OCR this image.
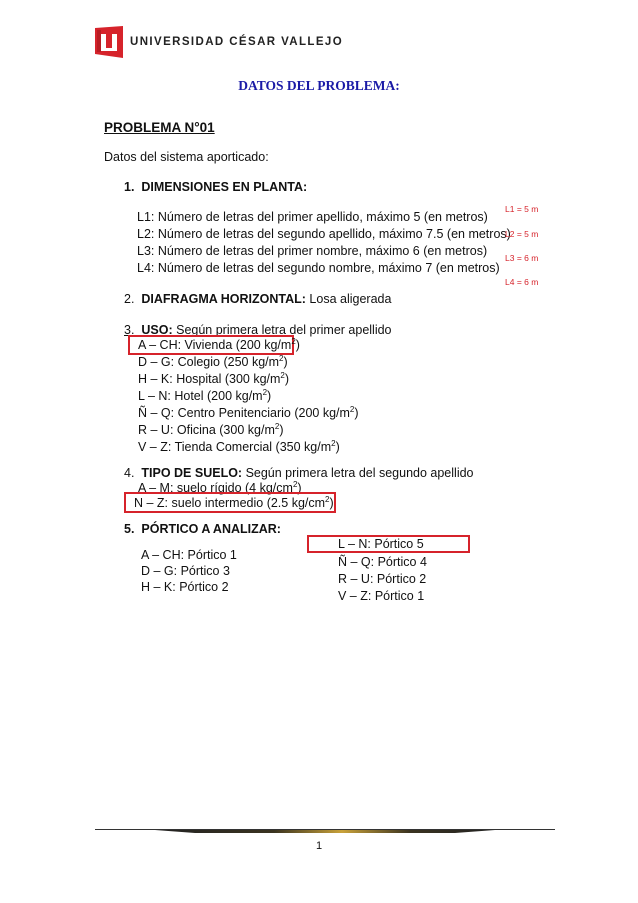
UNIVERSIDAD CÉSAR VALLEJO
DATOS DEL PROBLEMA:
PROBLEMA N°01
Datos del sistema aporticado:
1. DIMENSIONES EN PLANTA:
L1: Número de letras del primer apellido, máximo 5 (en metros)
L2: Número de letras del segundo apellido, máximo 7.5 (en metros)
L3: Número de letras del primer nombre, máximo 6 (en metros)
L4: Número de letras del segundo nombre, máximo 7 (en metros)
L1 = 5 m
L2 = 5 m
L3 = 6 m
L4 = 6 m
2. DIAFRAGMA HORIZONTAL: Losa aligerada
3. USO: Según primera letra del primer apellido
A – CH: Vivienda (200 $kg/m^2$)
D – G: Colegio (250 $kg/m^2$)
H – K: Hospital (300 $kg/m^2$)
L – N: Hotel (200 $kg/m^2$)
Ñ – Q: Centro Penitenciario (200 $kg/m^2$)
R – U: Oficina (300 $kg/m^2$)
V – Z: Tienda Comercial (350 $kg/m^2$)
4. TIPO DE SUELO: Según primera letra del segundo apellido
A – M: suelo rígido (4 $kg/cm^2$)
N – Z: suelo intermedio (2.5 $kg/cm^2$)
5. PÓRTICO A ANALIZAR:
A – CH: Pórtico 1
D – G: Pórtico 3
H – K: Pórtico 2
L – N: Pórtico 5
Ñ – Q: Pórtico 4
R – U: Pórtico 2
V – Z: Pórtico 1
1
